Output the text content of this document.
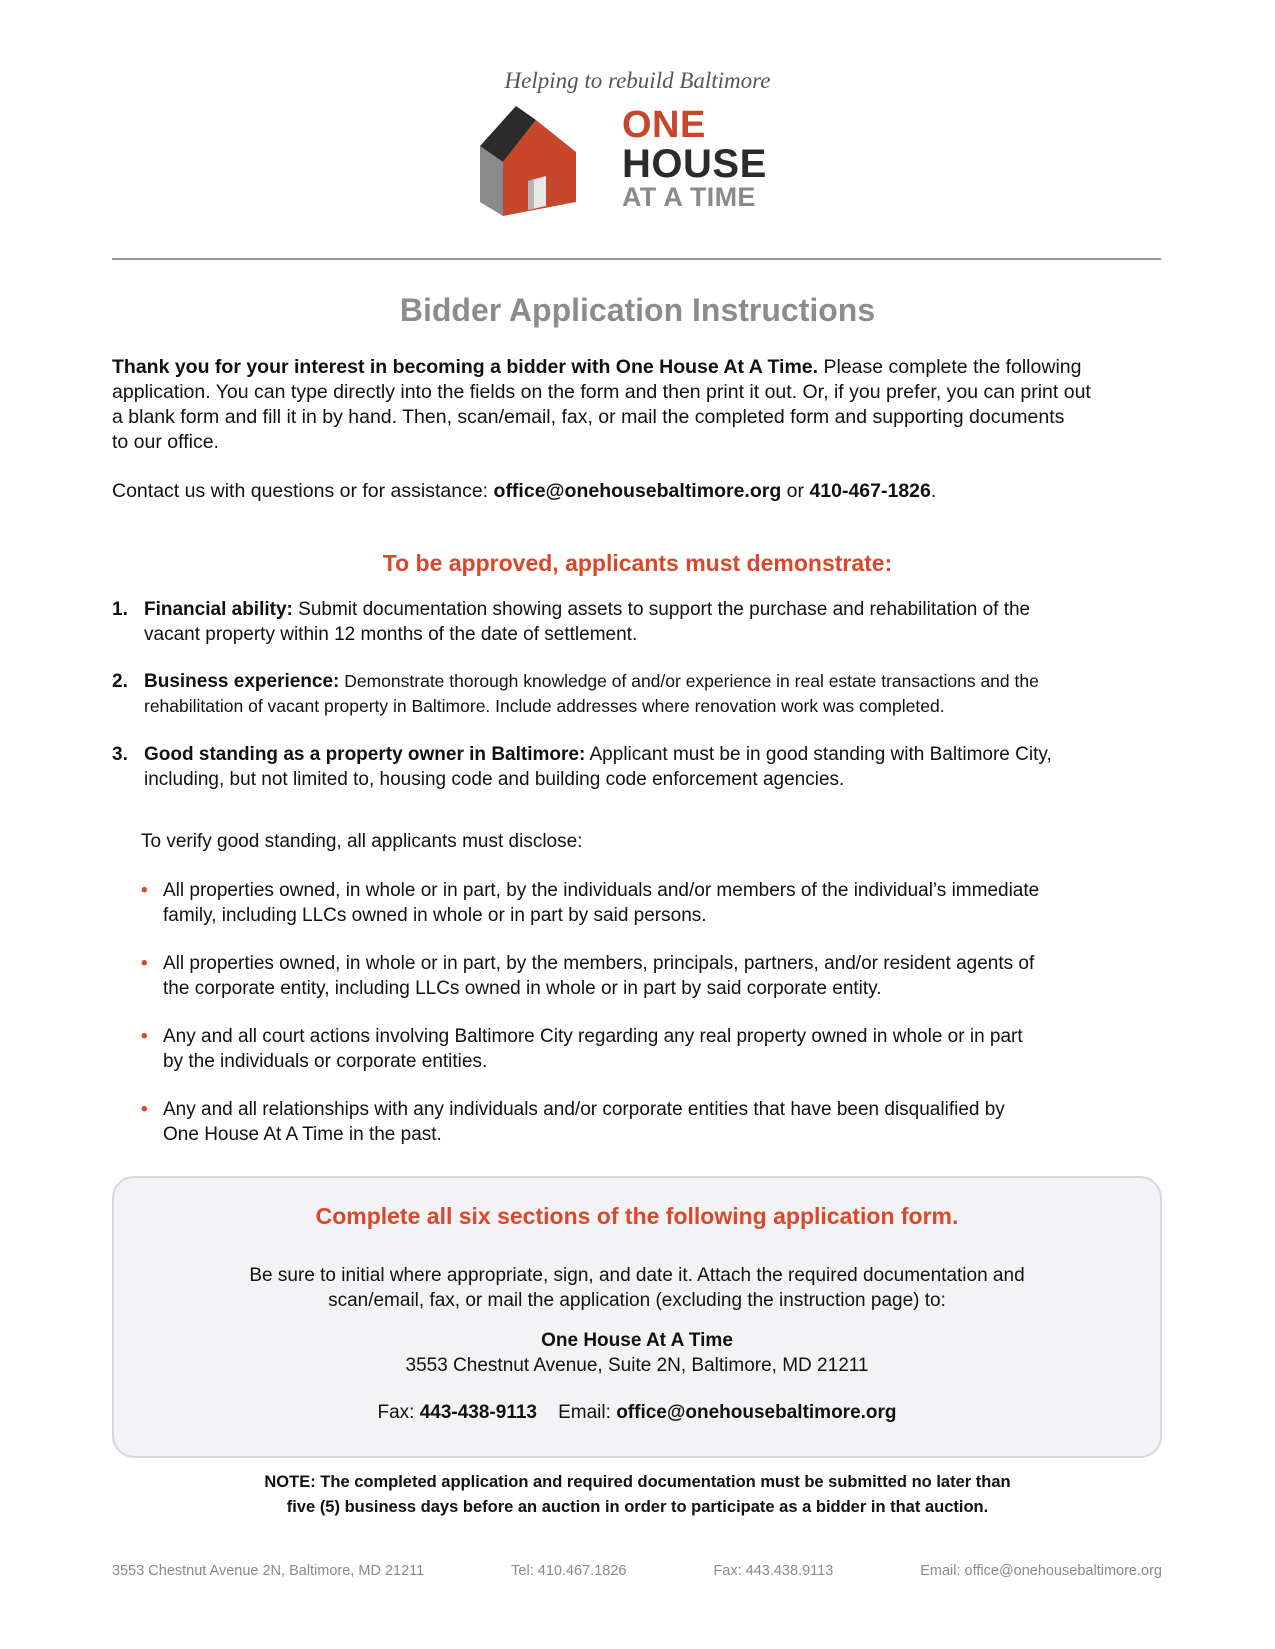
Helping to rebuild Baltimore
ONE
HOUSE
AT A TIME
Bidder Application Instructions
Thank you for your interest in becoming a bidder with One House At A Time. Please complete the following
application. You can type directly into the fields on the form and then print it out. Or, if you prefer, you can print out
a blank form and fill it in by hand. Then, scan/email, fax, or mail the completed form and supporting documents
to our office.
Contact us with questions or for assistance: office@onehousebaltimore.org or 410-467-1826.
To be approved, applicants must demonstrate:
1. Financial ability: Submit documentation showing assets to support the purchase and rehabilitation of the
vacant property within 12 months of the date of settlement.
2. Business experience: Demonstrate thorough knowledge of and/or experience in real estate transactions and the
rehabilitation of vacant property in Baltimore. Include addresses where renovation work was completed.
3. Good standing as a property owner in Baltimore: Applicant must be in good standing with Baltimore City,
including, but not limited to, housing code and building code enforcement agencies.
To verify good standing, all applicants must disclose:
• All properties owned, in whole or in part, by the individuals and/or members of the individual’s immediate
family, including LLCs owned in whole or in part by said persons.
• All properties owned, in whole or in part, by the members, principals, partners, and/or resident agents of
the corporate entity, including LLCs owned in whole or in part by said corporate entity.
• Any and all court actions involving Baltimore City regarding any real property owned in whole or in part
by the individuals or corporate entities.
• Any and all relationships with any individuals and/or corporate entities that have been disqualified by
One House At A Time in the past.
Complete all six sections of the following application form.
Be sure to initial where appropriate, sign, and date it. Attach the required documentation and
scan/email, fax, or mail the application (excluding the instruction page) to:
One House At A Time
3553 Chestnut Avenue, Suite 2N, Baltimore, MD 21211
Fax: 443-438-9113 Email: office@onehousebaltimore.org
NOTE: The completed application and required documentation must be submitted no later than
five (5) business days before an auction in order to participate as a bidder in that auction.
3553 Chestnut Avenue 2N, Baltimore, MD 21211	Tel: 410.467.1826	Fax: 443.438.9113	Email: office@onehousebaltimore.org
